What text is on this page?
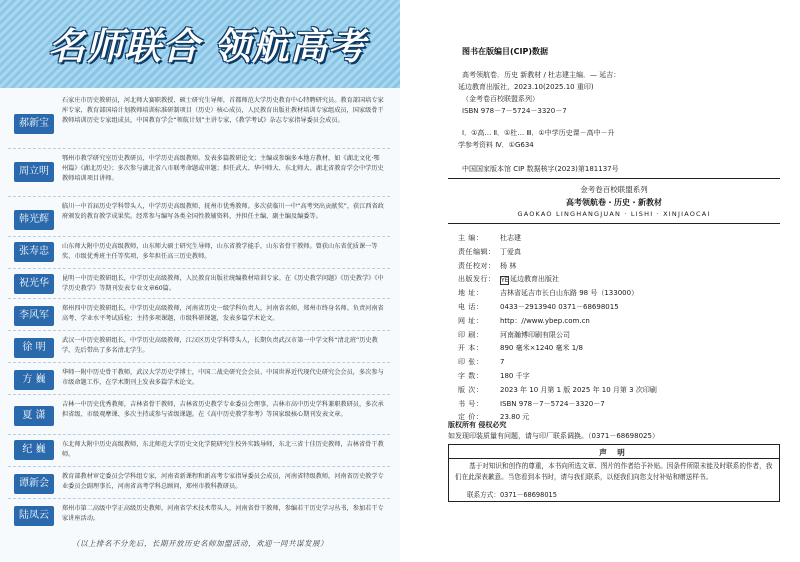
名师联合 领航高考
郝新宝
石家庄市历史教研员，河北师大赛职教授、硕士研究生导师，首都师范大学历史教育中心特聘研究员。教育部国培专家库专家，教育部国培计划教师培训标准研制项目（历史）核心成员，人民教育出版社教材培训专家组成员，国家级骨干教师培训历史专家组成员，中国教育学会“领航计划”主讲专家，《教学考试》杂志专家指导委员会成员。
周立明
鄂州市教学研究室历史教研员，中学历史高级教师。发表多篇教研论文；主编或参编多本地方教材，如《湖北文化·鄂州篇》《湖北历史》；多次参与湖北省八市联考命题或审题；担任武大、华中师大、东北师大、湖北省教育学会中学历史教师培训项目讲师。
韩光辉
临川一中首届历史学科带头人，中学历史高级教师，抚州市优秀教师。多次获临川一中“高考突出贡献奖”，获江西省政府颁发的教育教学成果奖。经常参与编写各类全国性教辅资料，并担任主编、副主编及编委等。
张寿忠	山东师大附中历史高级教师，山东师大硕士研究生导师，山东省教学能手，山东省骨干教师。曾获山东省优质课一等奖、市级优秀班主任等奖项，多年担任高三历史教师。
祝光华	昆明一中历史教研组长，中学历史高级教师，人民教育出版社统编教材培训专家。在《历史教学问题》《历史教学》《中学历史教学》等期刊发表专业文章60篇。
李风军
郑州四中历史教研组长，中学历史高级教师，河南省历史一级学科负责人，河南省名师，郑州市终身名师。负责河南省高考、学业水平考试质检；主持多项课题，市级科研课题，发表多篇学术论文。
徐 明
武汉一中历史教研组长，中学历史高级教师，江汉区历史学科带头人，长期负责武汉市第一中学文科“清北班”历史教学，先后带出了多名清北学生。
方 巍
华师一附中历史骨干教师，武汉大学历史学博士，中国二战史研究会会员、中国世界近代现代史研究会会员，多次参与市级命题工作，在学术期刊上发表多篇学术论文。
夏 潇
吉林一中历史优秀教师，吉林省骨干教师，吉林省历史教学专业委员会理事，吉林市高中历史学科兼职教研员，多次承担省级、市级观摩课、多次主持或参与省级课题。在《高中历史教学参考》等国家级核心期刊发表文章。
纪 巍	东北师大附中历史高级教师，东北师范大学历史文化学院研究生校外实践导师，东北三省十佳历史教师，吉林省骨干教师。
谭新会
教育部教材审定委员会学科组专家，河南省新课程和新高考专家指导委员会成员，河南省特级教师，河南省历史教学专业委员会副理事长，河南省高考学科总顾问，郑州市教科教研员。
陆凤云
郑州市第二高级中学正高级历史教师，河南省学术技术带头人，河南省骨干教师，参编若干历史学习丛书，参加若干专家讲座活动。
（以上排名不分先后，长期开放历史名师加盟活动，欢迎一同共谋发展）
图书在版编目(CIP)数据
高考领航卷．历史 新教材 / 杜志建主编．— 延吉：
延边教育出版社，2023.10(2025.10 重印)
（金考卷百校联盟系列）
ISBN 978－7－5724－3320－7
Ⅰ．①高… Ⅱ．①杜… Ⅲ．①中学历史课－高中－升
学参考资料 Ⅳ．①G634
中国国家版本馆 CIP 数据核字(2023)第181137号
金考卷百校联盟系列
高考领航卷・历史・新教材
GAOKAO LINGHANGJUAN · LISHI · XINJIAOCAI
主 编： 杜志建
责任编辑： 丁爱真
责任校对： 杨 林
出版发行： YE 延边教育出版社
地 址： 吉林省延吉市长白山东路 98 号（133000）
电 话： 0433－2913940 0371－68698015
网 址： http：//www.ybep.com.cn
印 刷： 河南瀚博印刷有限公司
开 本： 890 毫米×1240 毫米 1/8
印 张： 7
字 数： 180 千字
版 次： 2023 年 10 月第 1 版 2025 年 10 月第 3 次印刷
书 号： ISBN 978－7－5724－3320－7
定 价： 23.80 元
版权所有 侵权必究
如发现印装质量有问题，请与印厂联系调换。（0371－68698025）
声 明
基于对知识和创作的尊重，本书向所选文章、图片的作者给予补贴。因条件所限未能及时联系的作者，我们在此深表歉意。当您看到本书时，请与我们联系，以便我们向您支付补贴和赠送样书。
联系方式：0371－68698015
